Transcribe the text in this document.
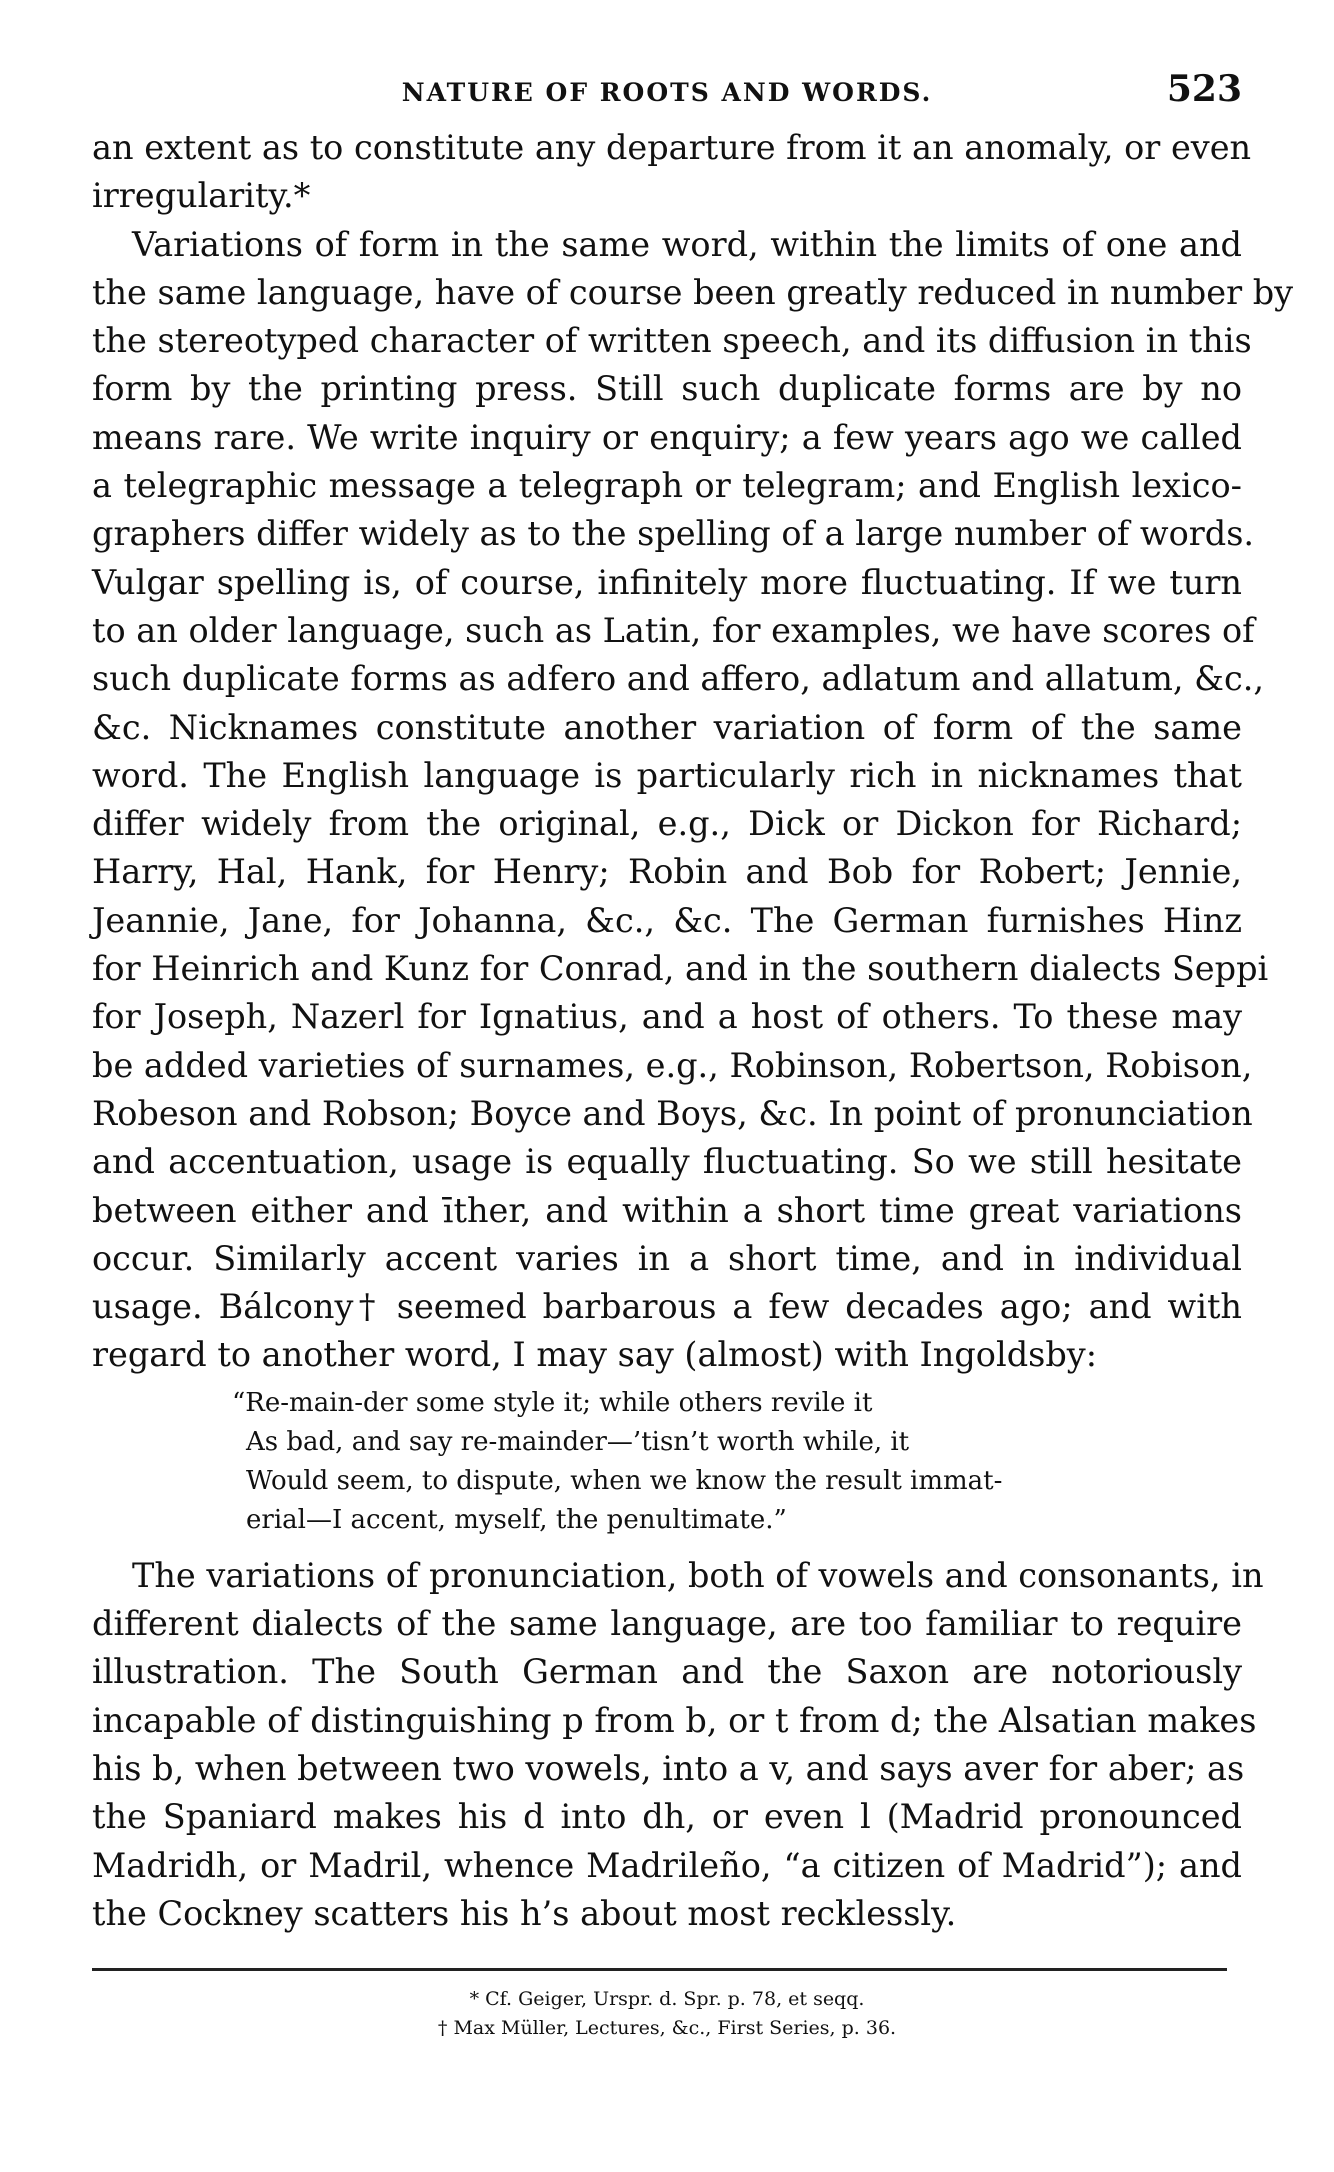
NATURE OF ROOTS AND WORDS.	523
an extent as to constitute any departure from it an anomaly, or even
irregularity.*
Variations of form in the same word, within the limits of one and
the same language, have of course been greatly reduced in number by
the stereotyped character of written speech, and its diffusion in this
form by the printing press. Still such duplicate forms are by no
means rare. We write inquiry or enquiry; a few years ago we called
a telegraphic message a telegraph or telegram; and English lexico-
graphers differ widely as to the spelling of a large number of words.
Vulgar spelling is, of course, infinitely more fluctuating. If we turn
to an older language, such as Latin, for examples, we have scores of
such duplicate forms as adfero and affero, adlatum and allatum, &c.,
&c. Nicknames constitute another variation of form of the same
word. The English language is particularly rich in nicknames that
differ widely from the original, e.g., Dick or Dickon for Richard;
Harry, Hal, Hank, for Henry; Robin and Bob for Robert; Jennie,
Jeannie, Jane, for Johanna, &c., &c. The German furnishes Hinz
for Heinrich and Kunz for Conrad, and in the southern dialects Seppi
for Joseph, Nazerl for Ignatius, and a host of others. To these may
be added varieties of surnames, e.g., Robinson, Robertson, Robison,
Robeson and Robson; Boyce and Boys, &c. In point of pronunciation
and accentuation, usage is equally fluctuating. So we still hesitate
between either and īther, and within a short time great variations
occur. Similarly accent varies in a short time, and in individual
usage. Bálcony† seemed barbarous a few decades ago; and with
regard to another word, I may say (almost) with Ingoldsby:
“Re-main-der some style it; while others revile it
As bad, and say re-mainder—’tisn’t worth while, it
Would seem, to dispute, when we know the result immat-
erial—I accent, myself, the penultimate.”
The variations of pronunciation, both of vowels and consonants, in
different dialects of the same language, are too familiar to require
illustration. The South German and the Saxon are notoriously
incapable of distinguishing p from b, or t from d; the Alsatian makes
his b, when between two vowels, into a v, and says aver for aber; as
the Spaniard makes his d into dh, or even l (Madrid pronounced
Madridh, or Madril, whence Madrileño, “a citizen of Madrid”); and
the Cockney scatters his h’s about most recklessly.
* Cf. Geiger, Urspr. d. Spr. p. 78, et seqq.
† Max Müller, Lectures, &c., First Series, p. 36.
